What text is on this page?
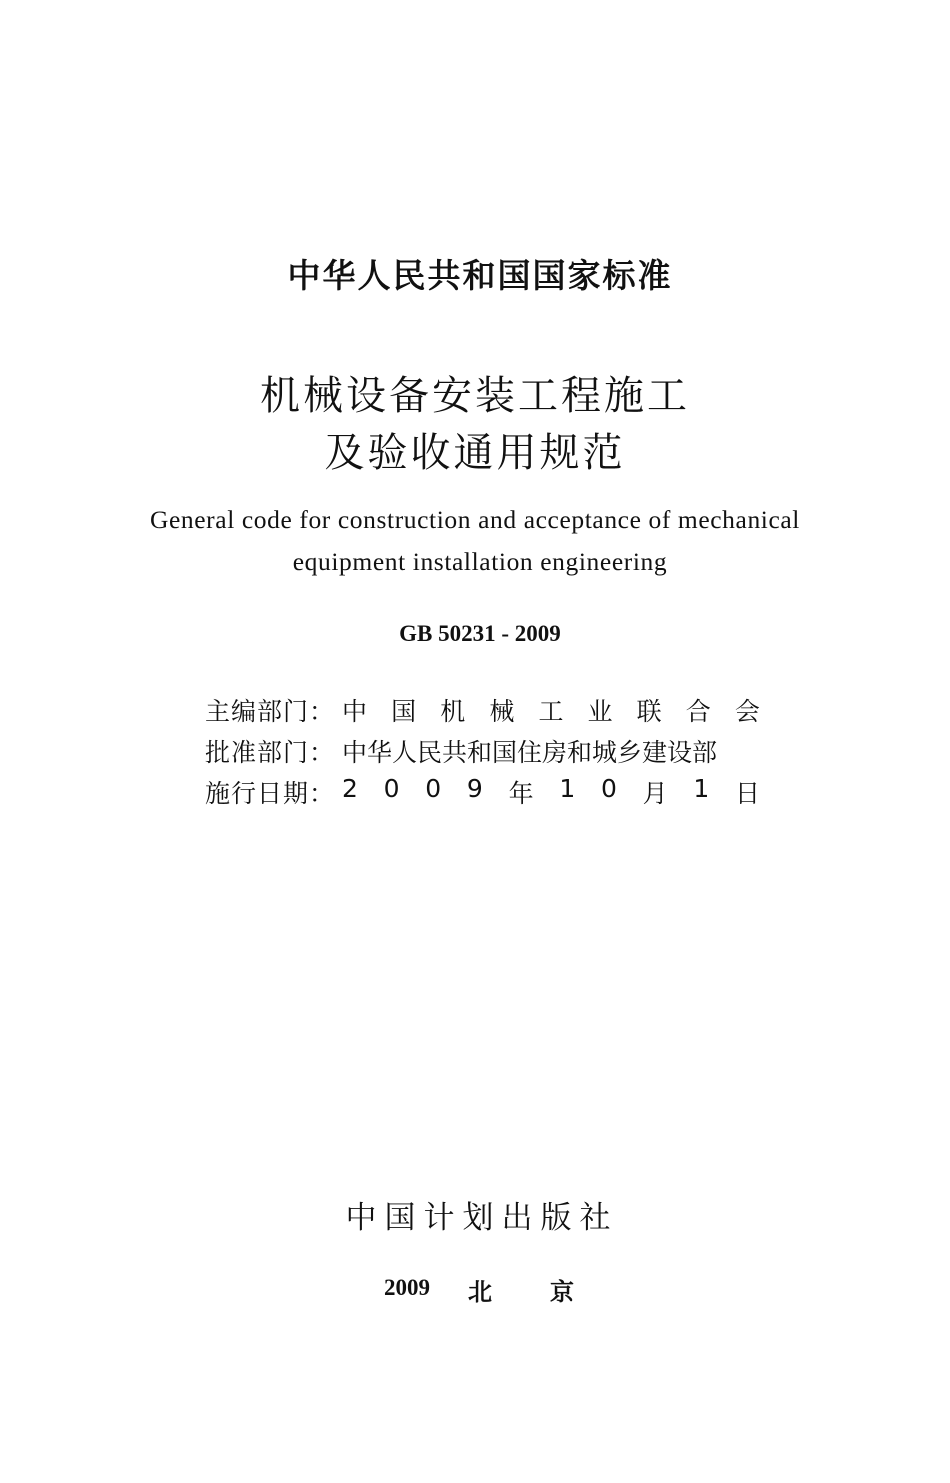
中华人民共和国国家标准
机械设备安装工程施工
及验收通用规范
General code for construction and acceptance of mechanical
equipment installation engineering
GB 50231 - 2009
主编部门： 中 国 机 械 工 业 联 合 会
批准部门： 中华人民共和国住房和城乡建设部
施行日期： 2 0 0 9 年 1 0 月 1 日
中国计划出版社
2009 北京
